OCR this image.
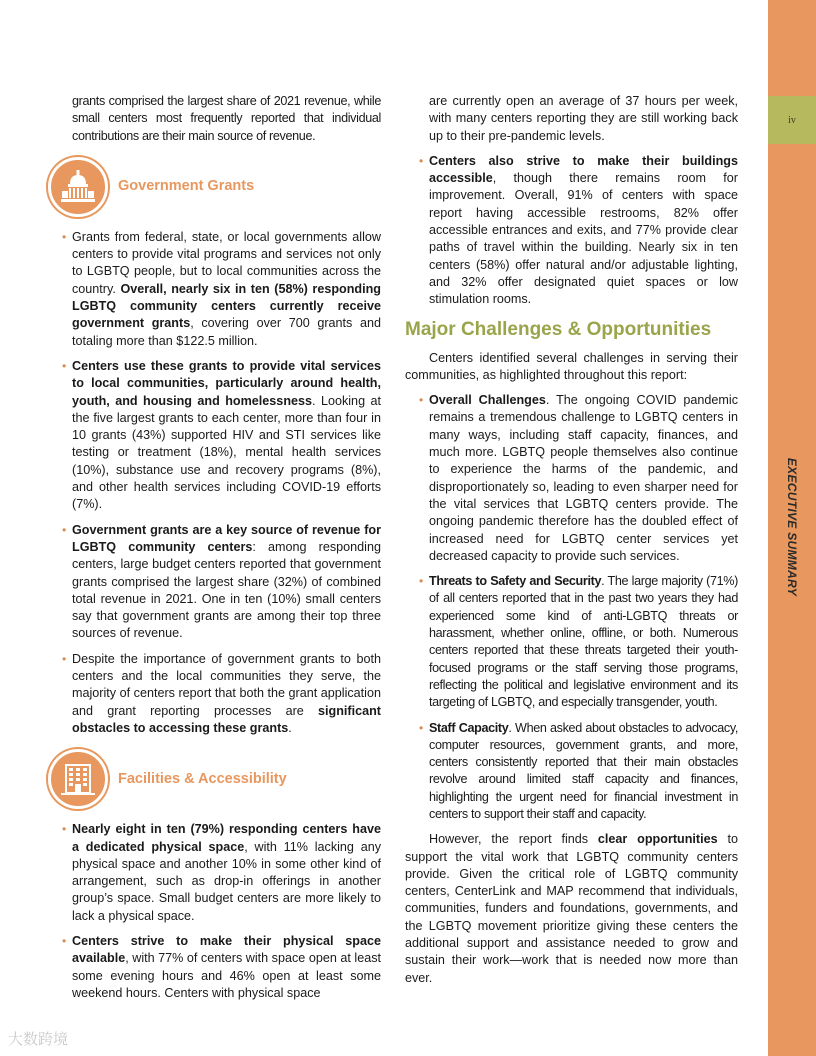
iv
EXECUTIVE SUMMARY

grants comprised the largest share of 2021 revenue, while small centers most frequently reported that individual contributions are their main source of revenue.

Government Grants
• Grants from federal, state, or local governments allow centers to provide vital programs and services not only to LGBTQ people, but to local communities across the country. Overall, nearly six in ten (58%) responding LGBTQ community centers currently receive government grants, covering over 700 grants and totaling more than $122.5 million.
• Centers use these grants to provide vital services to local communities, particularly around health, youth, and housing and homelessness. Looking at the five largest grants to each center, more than four in 10 grants (43%) supported HIV and STI services like testing or treatment (18%), mental health services (10%), substance use and recovery programs (8%), and other health services including COVID-19 efforts (7%).
• Government grants are a key source of revenue for LGBTQ community centers: among responding centers, large budget centers reported that government grants comprised the largest share (32%) of combined total revenue in 2021. One in ten (10%) small centers say that government grants are among their top three sources of revenue.
• Despite the importance of government grants to both centers and the local communities they serve, the majority of centers report that both the grant application and grant reporting processes are significant obstacles to accessing these grants.
Facilities & Accessibility
• Nearly eight in ten (79%) responding centers have a dedicated physical space, with 11% lacking any physical space and another 10% in some other kind of arrangement, such as drop-in offerings in another group’s space. Small budget centers are more likely to lack a physical space.
• Centers strive to make their physical space available, with 77% of centers with space open at least some evening hours and 46% open at least some weekend hours. Centers with physical space

are currently open an average of 37 hours per week, with many centers reporting they are still working back up to their pre-pandemic levels.

• Centers also strive to make their buildings accessible, though there remains room for improvement. Overall, 91% of centers with space report having accessible restrooms, 82% offer accessible entrances and exits, and 77% provide clear paths of travel within the building. Nearly six in ten centers (58%) offer natural and/or adjustable lighting, and 32% offer designated quiet spaces or low stimulation rooms.
Major Challenges & Opportunities

Centers identified several challenges in serving their communities, as highlighted throughout this report:

• Overall Challenges. The ongoing COVID pandemic remains a tremendous challenge to LGBTQ centers in many ways, including staff capacity, finances, and much more. LGBTQ people themselves also continue to experience the harms of the pandemic, and disproportionately so, leading to even sharper need for the vital services that LGBTQ centers provide. The ongoing pandemic therefore has the doubled effect of increased need for LGBTQ center services yet decreased capacity to provide such services.
• Threats to Safety and Security. The large majority (71%) of all centers reported that in the past two years they had experienced some kind of anti-LGBTQ threats or harassment, whether online, offline, or both. Numerous centers reported that these threats targeted their youth-focused programs or the staff serving those programs, reflecting the political and legislative environment and its targeting of LGBTQ, and especially transgender, youth.
• Staff Capacity. When asked about obstacles to advocacy, computer resources, government grants, and more, centers consistently reported that their main obstacles revolve around limited staff capacity and finances, highlighting the urgent need for financial investment in centers to support their staff and capacity.

However, the report finds clear opportunities to support the vital work that LGBTQ community centers provide. Given the critical role of LGBTQ community centers, CenterLink and MAP recommend that individuals, communities, funders and foundations, governments, and the LGBTQ movement prioritize giving these centers the additional support and assistance needed to grow and sustain their work—work that is needed now more than ever.

大数跨境
